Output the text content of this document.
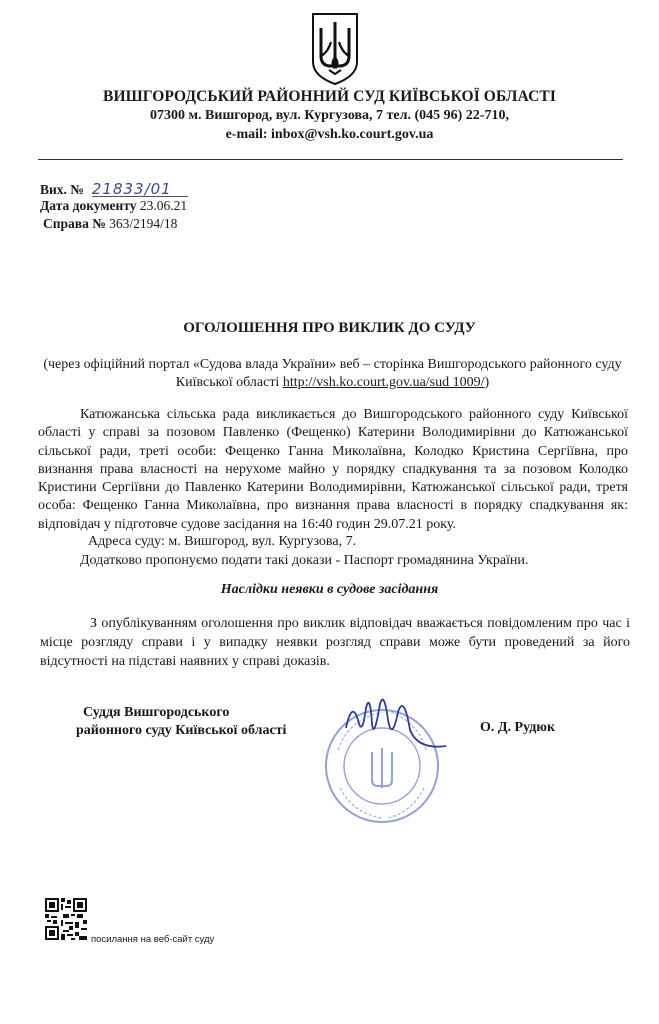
ВИШГОРОДСЬКИЙ РАЙОННИЙ СУД КИЇВСЬКОЇ ОБЛАСТІ
07300 м. Вишгород, вул. Кургузова, 7 тел. (045 96) 22-710,
e-mail: inbox@vsh.ko.court.gov.ua
Вих. № 21833/01
Дата документу 23.06.21
Справа № 363/2194/18
ОГОЛОШЕННЯ ПРО ВИКЛИК ДО СУДУ
(через офіційний портал «Судова влада України» веб – сторінка Вишгородського районного суду
Київської області http://vsh.ko.court.gov.ua/sud 1009/)
Катюжанська сільська рада викликається до Вишгородського районного суду Київської області у справі за позовом Павленко (Фещенко) Катерини Володимирівни до Катюжанської сільської ради, треті особи: Фещенко Ганна Миколаївна, Колодко Кристина Сергіївна, про визнання права власності на нерухоме майно у порядку спадкування та за позовом Колодко Кристини Сергіївни до Павленко Катерини Володимирівни, Катюжанської сільської ради, третя особа: Фещенко Ганна Миколаївна, про визнання права власності в порядку спадкування як: відповідач у підготовче судове засідання на 16:40 годин 29.07.21 року.
Адреса суду: м. Вишгород, вул. Кургузова, 7.
Додатково пропонуємо подати такі докази - Паспорт громадянина України.
Наслідки неявки в судове засідання
З опублікуванням оголошення про виклик відповідач вважається повідомленим про час і місце розгляду справи і у випадку неявки розгляд справи може бути проведений за його відсутності на підставі наявних у справі доказів.
Суддя Вишгородського
районного суду Київської області	О. Д. Рудюк
посилання на веб-сайт суду
